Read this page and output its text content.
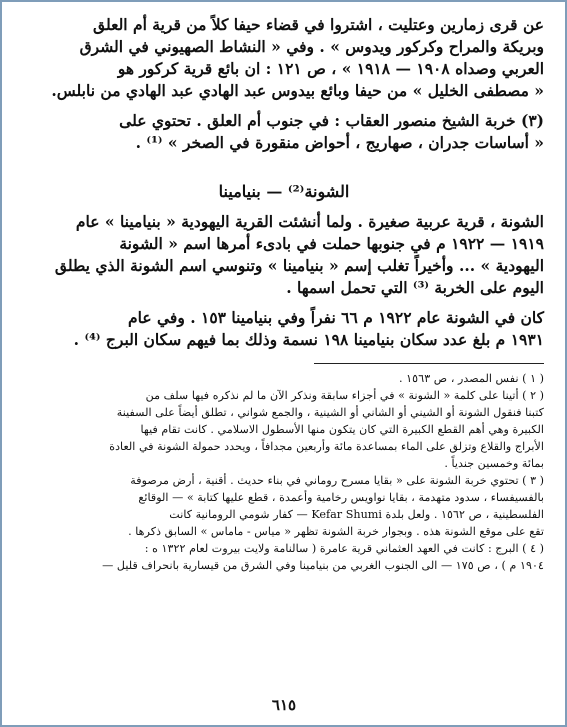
عن قرى زمارين وعتليت ، اشتروا في قضاء حيفا كلاً من قرية أم العلق

وبريكة والمراح وكركور ويدوس » . وفي « النشاط الصهيوني في الشرق

العربي وصداه ١٩٠٨ — ١٩١٨ » ، ص ١٢١ : ان بائع قرية كركور هو

« مصطفى الخليل » من حيفا وبائع بيدوس عبد الهادي عبد الهادي من نابلس.

(٣) خربة الشيخ منصور العقاب : في جنوب أم العلق . تحتوي على

« أساسات جدران ، صهاريج ، أحواض منقورة في الصخر » ⁽¹⁾ .

الشونة⁽²⁾ — بنيامينا

الشونة ، قرية عربية صغيرة . ولما أنشئت القرية اليهودية « بنيامينا » عام

١٩١٩ — ١٩٢٢ م في جنوبها حملت في بادىء أمرها اسم « الشونة

اليهودية » ... وأخيراً تغلب إسم « بنيامينا » وتنوسي اسم الشونة الذي يطلق

اليوم على الخربة ⁽³⁾ التي تحمل اسمها .

كان في الشونة عام ١٩٢٢ م ٦٦ نفراً وفي بنيامينا ١٥٣ . وفي عام

١٩٣١ م بلغ عدد سكان بنيامينا ١٩٨ نسمة وذلك بما فيهم سكان البرج ⁽⁴⁾ .

( ١ ) نفس المصدر ، ص ١٥٦٣ .

( ٢ ) أتينا على كلمة « الشونة » في أجزاء سابقة ونذكر الآن ما لم نذكره فيها سلف من

كتبنا فنقول الشونة أو الشيني أو الشاني أو الشينية ، والجمع شواني ، تطلق أيضاً على السفينة

الكبيرة وهي أهم القطع الكبيرة التي كان يتكون منها الأسطول الاسلامي . كانت تقام فيها

الأبراج والقلاع وتزلق على الماء بمساعدة مائة وأربعين مجدافاً ، ويحدد حمولة الشونة في العادة

بمائة وخمسين جندياً .

( ٣ ) تحتوي خربة الشونة على « بقايا مسرح روماني في بناء حديث . أقنية ، أرض مرصوفة

بالفسيفساء ، سدود متهدمة ، بقايا نواويس رخامية وأعمدة ، قطع عليها كتابة » — الوقائع

الفلسطينية ، ص ١٥٦٢ . ولعل بلدة Kefar Shumi — كفار شومي الرومانية كانت

تقع على موقع الشونة هذه . وبجوار خربة الشونة تظهر « مياس - ماماس » السابق ذكرها .

( ٤ ) البرج : كانت في العهد العثماني قرية عامرة ( سالنامة ولايت بيروت لعام ١٣٢٢ ه :

١٩٠٤ م ) ، ص ١٧٥ — الى الجنوب الغربي من بنيامينا وفي الشرق من قيسارية بانحراف قليل —

٦١٥
